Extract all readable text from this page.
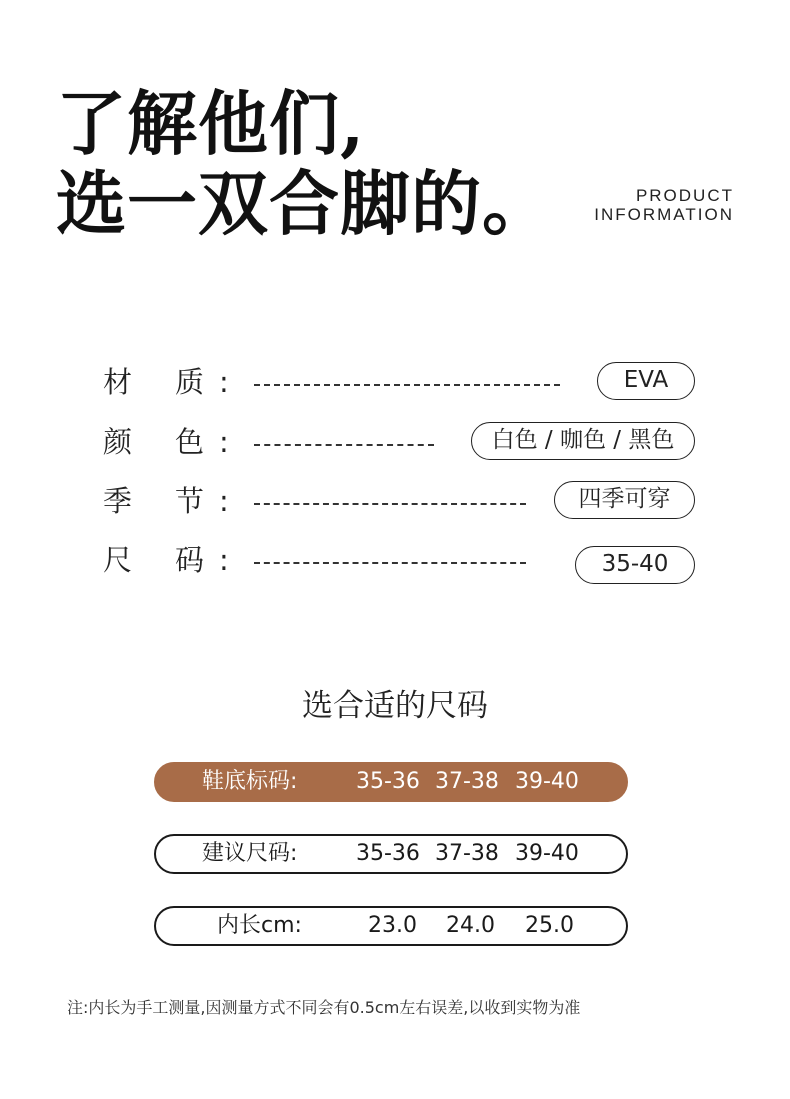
了解他们,
选一双合脚的。	PRODUCT
INFORMATION
材	质 :	EVA
颜	色 :	白色 / 咖色 / 黑色
季	节 :	四季可穿
尺	码 :	35-40
选合适的尺码
鞋底标码:	35-36 37-38 39-40
建议尺码:	35-36 37-38 39-40
内长cm:	23.0 24.0 25.0
注:内长为手工测量,因测量方式不同会有0.5cm左右误差,以收到实物为准
